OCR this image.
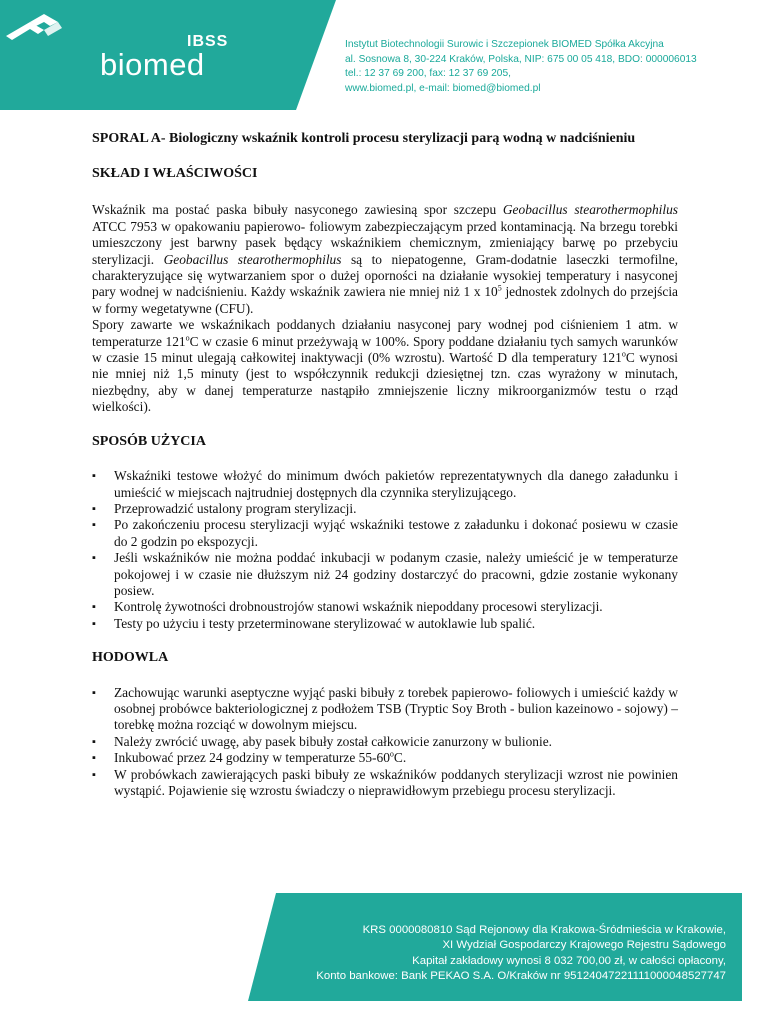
IBSS
biomed
Instytut Biotechnologii Surowic i Szczepionek BIOMED Spółka Akcyjna
al. Sosnowa 8, 30-224 Kraków, Polska, NIP: 675 00 05 418, BDO: 000006013
tel.: 12 37 69 200, fax: 12 37 69 205,
www.biomed.pl, e-mail: biomed@biomed.pl
SPORAL A- Biologiczny wskaźnik kontroli procesu sterylizacji parą wodną w nadciśnieniu
SKŁAD I WŁAŚCIWOŚCI

Wskaźnik ma postać paska bibuły nasyconego zawiesiną spor szczepu Geobacillus stearothermophilus ATCC 7953 w opakowaniu papierowo- foliowym zabezpieczającym przed kontaminacją. Na brzegu torebki umieszczony jest barwny pasek będący wskaźnikiem chemicznym, zmieniający barwę po przebyciu sterylizacji. Geobacillus stearothermophilus są to niepatogenne, Gram-dodatnie laseczki termofilne, charakteryzujące się wytwarzaniem spor o dużej oporności na działanie wysokiej temperatury i nasyconej pary wodnej w nadciśnieniu. Każdy wskaźnik zawiera nie mniej niż 1 x $10^5$ jednostek zdolnych do przejścia w formy wegetatywne (CFU).

Spory zawarte we wskaźnikach poddanych działaniu nasyconej pary wodnej pod ciśnieniem 1 atm. w temperaturze 121$^o$C w czasie 6 minut przeżywają w 100%. Spory poddane działaniu tych samych warunków w czasie 15 minut ulegają całkowitej inaktywacji (0% wzrostu). Wartość D dla temperatury 121$^o$C wynosi nie mniej niż 1,5 minuty (jest to współczynnik redukcji dziesiętnej tzn. czas wyrażony w minutach, niezbędny, aby w danej temperaturze nastąpiło zmniejszenie liczny mikroorganizmów testu o rząd wielkości).

SPOSÓB UŻYCIA
▪ Wskaźniki testowe włożyć do minimum dwóch pakietów reprezentatywnych dla danego załadunku i umieścić w miejscach najtrudniej dostępnych dla czynnika sterylizującego.
▪ Przeprowadzić ustalony program sterylizacji.
▪ Po zakończeniu procesu sterylizacji wyjąć wskaźniki testowe z załadunku i dokonać posiewu w czasie do 2 godzin po ekspozycji.
▪ Jeśli wskaźników nie można poddać inkubacji w podanym czasie, należy umieścić je w temperaturze pokojowej i w czasie nie dłuższym niż 24 godziny dostarczyć do pracowni, gdzie zostanie wykonany posiew.
▪ Kontrolę żywotności drobnoustrojów stanowi wskaźnik niepoddany procesowi sterylizacji.
▪ Testy po użyciu i testy przeterminowane sterylizować w autoklawie lub spalić.
HODOWLA
▪ Zachowując warunki aseptyczne wyjąć paski bibuły z torebek papierowo- foliowych i umieścić każdy w osobnej probówce bakteriologicznej z podłożem TSB (Tryptic Soy Broth - bulion kazeinowo - sojowy) – torebkę można rozciąć w dowolnym miejscu.
▪ Należy zwrócić uwagę, aby pasek bibuły został całkowicie zanurzony w bulionie.
▪ Inkubować przez 24 godziny w temperaturze 55-60$^o$C.
▪ W probówkach zawierających paski bibuły ze wskaźników poddanych sterylizacji wzrost nie powinien wystąpić. Pojawienie się wzrostu świadczy o nieprawidłowym przebiegu procesu sterylizacji.
KRS 0000080810 Sąd Rejonowy dla Krakowa-Śródmieścia w Krakowie,
XI Wydział Gospodarczy Krajowego Rejestru Sądowego
Kapitał zakładowy wynosi 8 032 700,00 zł, w całości opłacony,
Konto bankowe: Bank PEKAO S.A. O/Kraków nr 95124047221111000048527747
